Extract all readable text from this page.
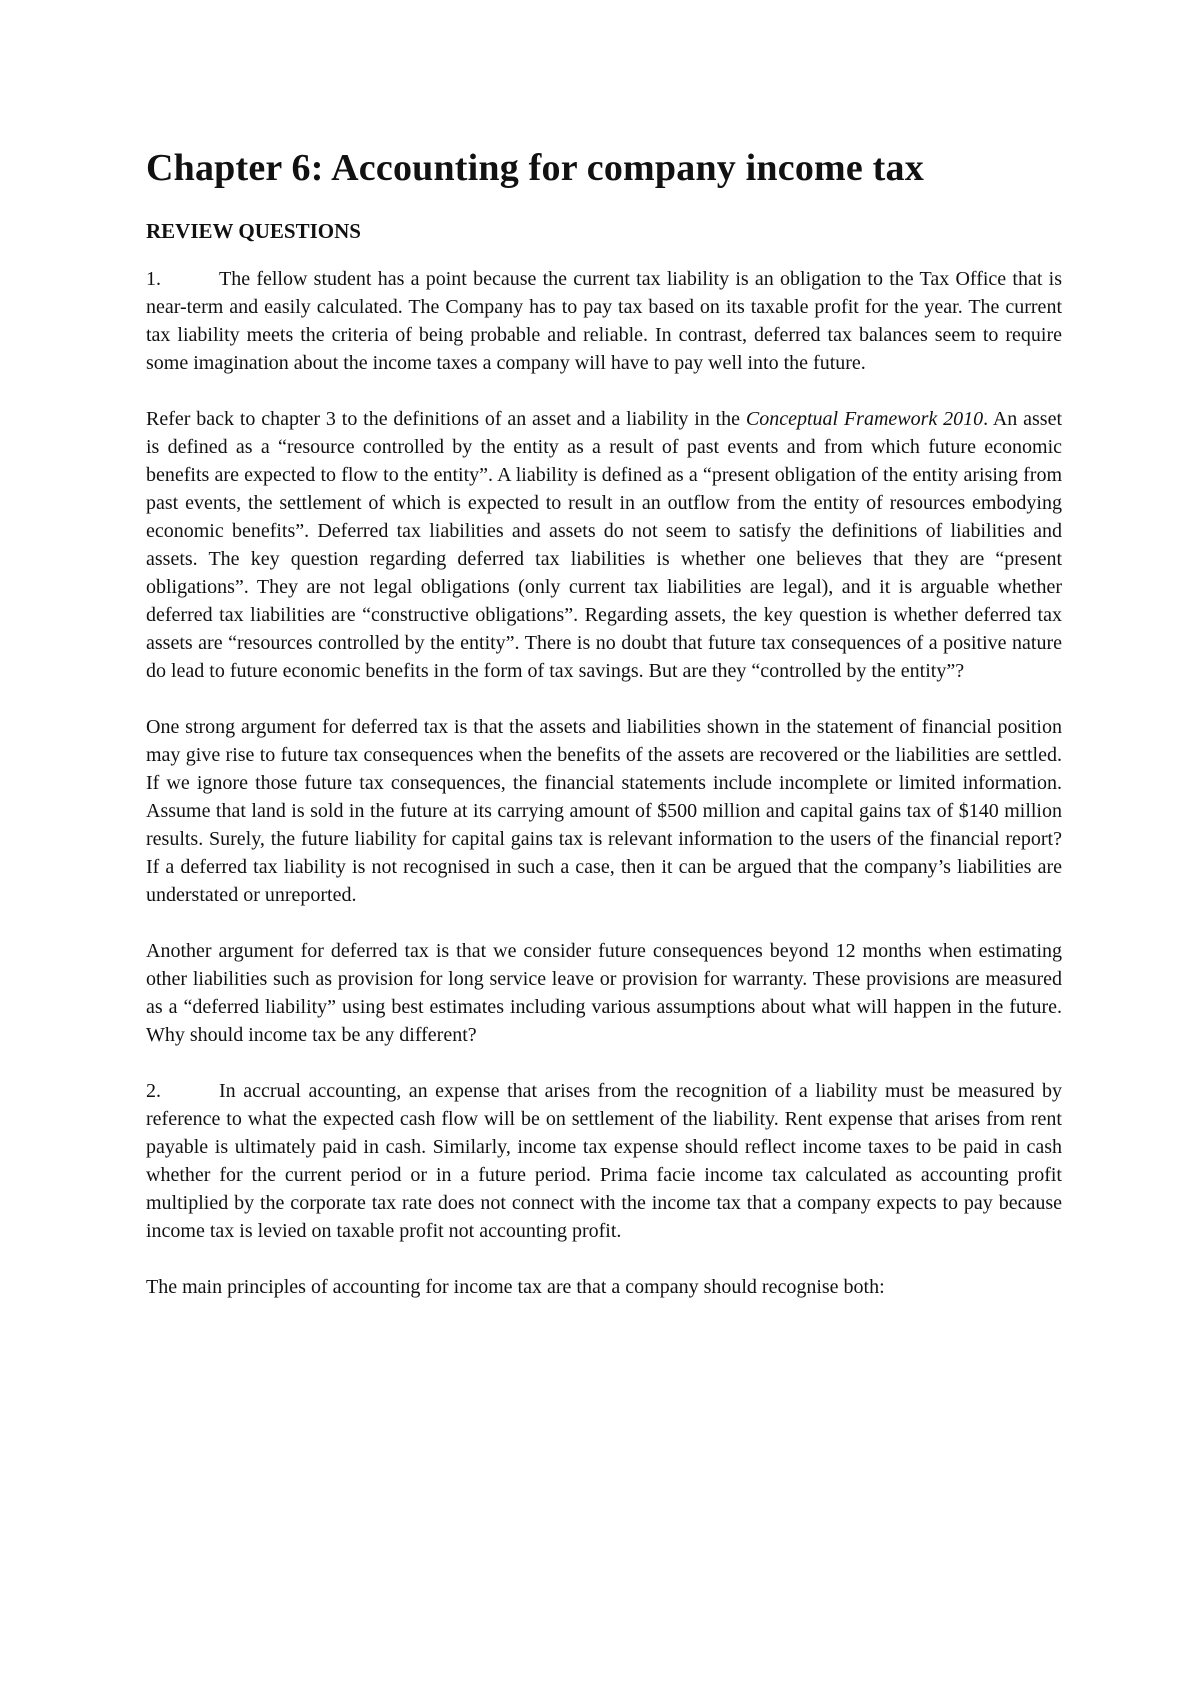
Chapter 6: Accounting for company income tax
REVIEW QUESTIONS

1.	The fellow student has a point because the current tax liability is an obligation to the Tax Office that is near-term and easily calculated. The Company has to pay tax based on its taxable profit for the year. The current tax liability meets the criteria of being probable and reliable. In contrast, deferred tax balances seem to require some imagination about the income taxes a company will have to pay well into the future.

Refer back to chapter 3 to the definitions of an asset and a liability in the Conceptual Framework 2010. An asset is defined as a “resource controlled by the entity as a result of past events and from which future economic benefits are expected to flow to the entity”. A liability is defined as a “present obligation of the entity arising from past events, the settlement of which is expected to result in an outflow from the entity of resources embodying economic benefits”. Deferred tax liabilities and assets do not seem to satisfy the definitions of liabilities and assets. The key question regarding deferred tax liabilities is whether one believes that they are “present obligations”. They are not legal obligations (only current tax liabilities are legal), and it is arguable whether deferred tax liabilities are “constructive obligations”. Regarding assets, the key question is whether deferred tax assets are “resources controlled by the entity”. There is no doubt that future tax consequences of a positive nature do lead to future economic benefits in the form of tax savings. But are they “controlled by the entity”?

One strong argument for deferred tax is that the assets and liabilities shown in the statement of financial position may give rise to future tax consequences when the benefits of the assets are recovered or the liabilities are settled. If we ignore those future tax consequences, the financial statements include incomplete or limited information. Assume that land is sold in the future at its carrying amount of $500 million and capital gains tax of $140 million results. Surely, the future liability for capital gains tax is relevant information to the users of the financial report? If a deferred tax liability is not recognised in such a case, then it can be argued that the company’s liabilities are understated or unreported.

Another argument for deferred tax is that we consider future consequences beyond 12 months when estimating other liabilities such as provision for long service leave or provision for warranty. These provisions are measured as a “deferred liability” using best estimates including various assumptions about what will happen in the future. Why should income tax be any different?

2.	In accrual accounting, an expense that arises from the recognition of a liability must be measured by reference to what the expected cash flow will be on settlement of the liability. Rent expense that arises from rent payable is ultimately paid in cash. Similarly, income tax expense should reflect income taxes to be paid in cash whether for the current period or in a future period. Prima facie income tax calculated as accounting profit multiplied by the corporate tax rate does not connect with the income tax that a company expects to pay because income tax is levied on taxable profit not accounting profit.

The main principles of accounting for income tax are that a company should recognise both:
